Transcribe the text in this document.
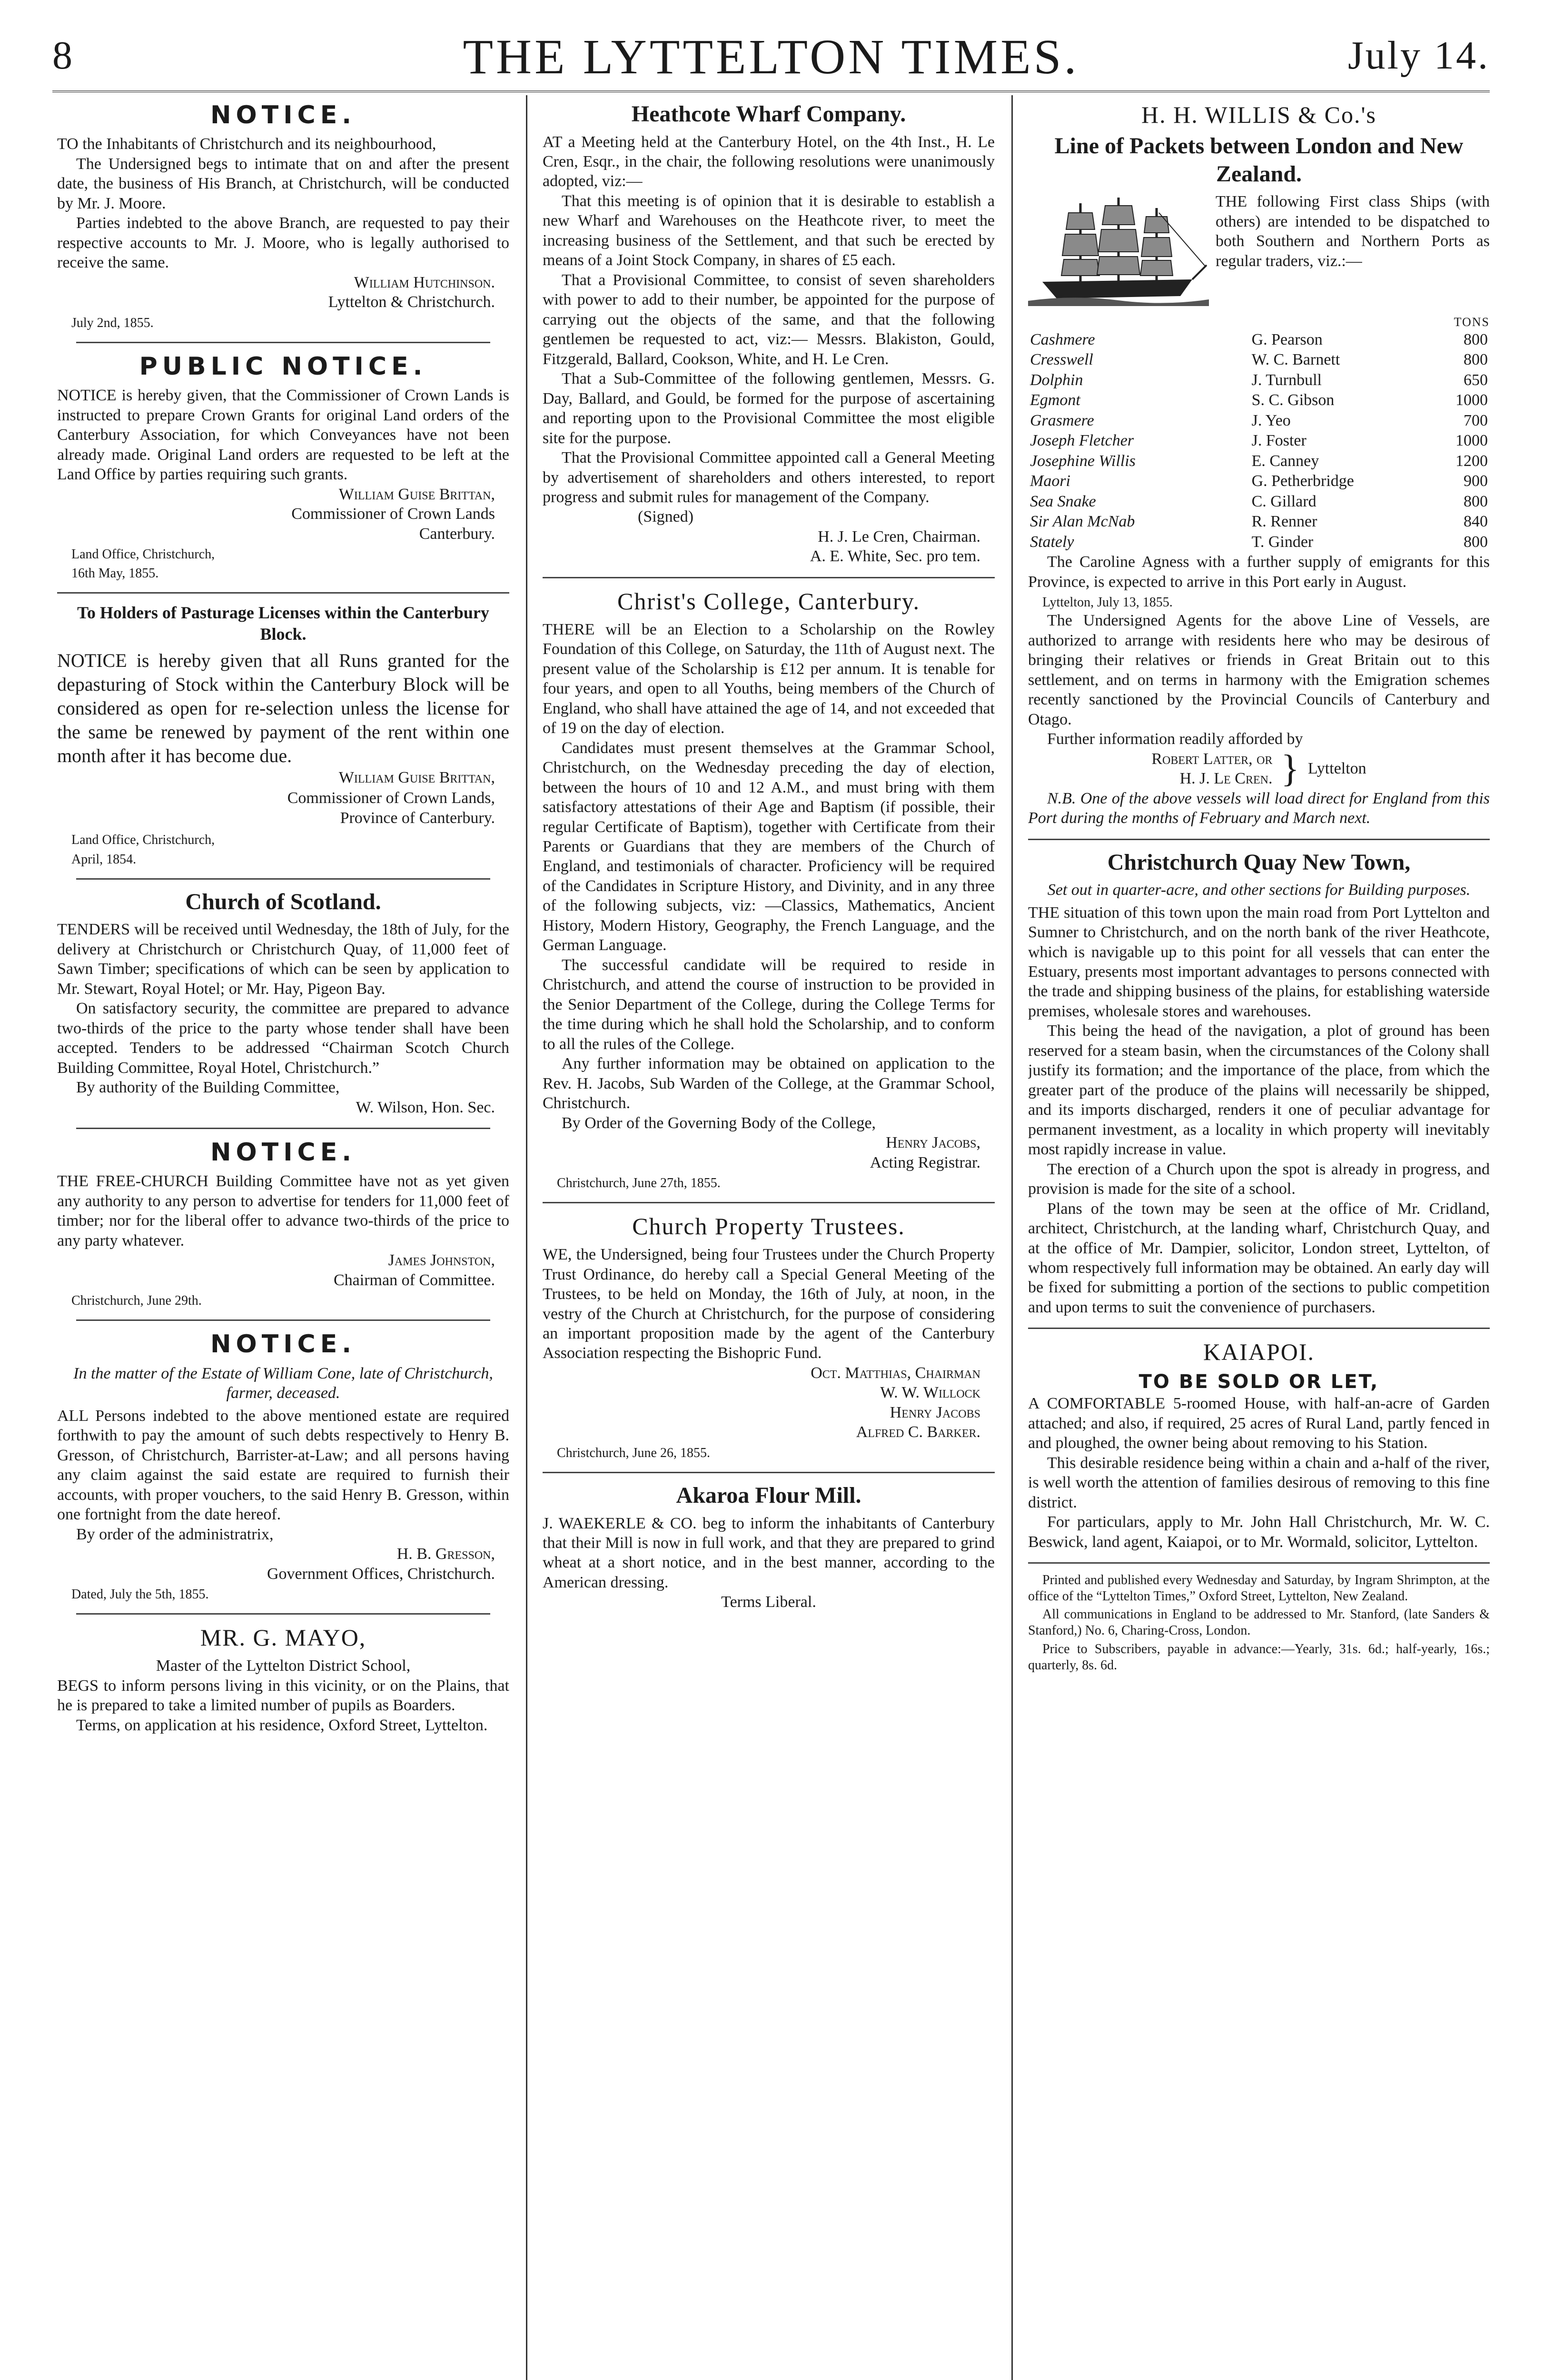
8	THE LYTTELTON TIMES.	July 14.
NOTICE.

TO the Inhabitants of Christchurch and its neighbourhood,

The Undersigned begs to intimate that on and after the present date, the business of His Branch, at Christchurch, will be conducted by Mr. J. Moore.

Parties indebted to the above Branch, are requested to pay their respective accounts to Mr. J. Moore, who is legally authorised to receive the same.

William Hutchinson.
Lyttelton & Christchurch.
July 2nd, 1855.
PUBLIC NOTICE.

NOTICE is hereby given, that the Commissioner of Crown Lands is instructed to prepare Crown Grants for original Land orders of the Canterbury Association, for which Conveyances have not been already made. Original Land orders are requested to be left at the Land Office by parties requiring such grants.

William Guise Brittan,
Commissioner of Crown Lands
Canterbury.
Land Office, Christchurch,
16th May, 1855.
To Holders of Pasturage Licenses within the Canterbury Block.

NOTICE is hereby given that all Runs granted for the depasturing of Stock within the Canterbury Block will be considered as open for re-selection unless the license for the same be renewed by payment of the rent within one month after it has become due.

William Guise Brittan,
Commissioner of Crown Lands,
Province of Canterbury.
Land Office, Christchurch,
April, 1854.
Church of Scotland.

TENDERS will be received until Wednesday, the 18th of July, for the delivery at Christchurch or Christchurch Quay, of 11,000 feet of Sawn Timber; specifications of which can be seen by application to Mr. Stewart, Royal Hotel; or Mr. Hay, Pigeon Bay.

On satisfactory security, the committee are prepared to advance two-thirds of the price to the party whose tender shall have been accepted. Tenders to be addressed “Chairman Scotch Church Building Committee, Royal Hotel, Christchurch.”

By authority of the Building Committee,

W. Wilson, Hon. Sec.
NOTICE.

THE FREE-CHURCH Building Committee have not as yet given any authority to any person to advertise for tenders for 11,000 feet of timber; nor for the liberal offer to advance two-thirds of the price to any party whatever.

James Johnston,
Chairman of Committee.
Christchurch, June 29th.
NOTICE.
In the matter of the Estate of William Cone, late of Christchurch, farmer, deceased.

ALL Persons indebted to the above mentioned estate are required forthwith to pay the amount of such debts respectively to Henry B. Gresson, of Christchurch, Barrister-at-Law; and all persons having any claim against the said estate are required to furnish their accounts, with proper vouchers, to the said Henry B. Gresson, within one fortnight from the date hereof.

By order of the administratrix,

H. B. Gresson,
Government Offices, Christchurch.
Dated, July the 5th, 1855.
MR. G. MAYO,
Master of the Lyttelton District School,

BEGS to inform persons living in this vicinity, or on the Plains, that he is prepared to take a limited number of pupils as Boarders.

Terms, on application at his residence, Oxford Street, Lyttelton.

Heathcote Wharf Company.

AT a Meeting held at the Canterbury Hotel, on the 4th Inst., H. Le Cren, Esqr., in the chair, the following resolutions were unanimously adopted, viz:—

That this meeting is of opinion that it is desirable to establish a new Wharf and Warehouses on the Heathcote river, to meet the increasing business of the Settlement, and that such be erected by means of a Joint Stock Company, in shares of £5 each.

That a Provisional Committee, to consist of seven shareholders with power to add to their number, be appointed for the purpose of carrying out the objects of the same, and that the following gentlemen be requested to act, viz:— Messrs. Blakiston, Gould, Fitzgerald, Ballard, Cookson, White, and H. Le Cren.

That a Sub-Committee of the following gentlemen, Messrs. G. Day, Ballard, and Gould, be formed for the purpose of ascertaining and reporting upon to the Provisional Committee the most eligible site for the purpose.

That the Provisional Committee appointed call a General Meeting by advertisement of shareholders and others interested, to report progress and submit rules for management of the Company.

(Signed)
H. J. Le Cren, Chairman.
A. E. White, Sec. pro tem.
Christ's College, Canterbury.

THERE will be an Election to a Scholarship on the Rowley Foundation of this College, on Saturday, the 11th of August next. The present value of the Scholarship is £12 per annum. It is tenable for four years, and open to all Youths, being members of the Church of England, who shall have attained the age of 14, and not exceeded that of 19 on the day of election.

Candidates must present themselves at the Grammar School, Christchurch, on the Wednesday preceding the day of election, between the hours of 10 and 12 A.M., and must bring with them satisfactory attestations of their Age and Baptism (if possible, their regular Certificate of Baptism), together with Certificate from their Parents or Guardians that they are members of the Church of England, and testimonials of character. Proficiency will be required of the Candidates in Scripture History, and Divinity, and in any three of the following subjects, viz: —Classics, Mathematics, Ancient History, Modern History, Geography, the French Language, and the German Language.

The successful candidate will be required to reside in Christchurch, and attend the course of instruction to be provided in the Senior Department of the College, during the College Terms for the time during which he shall hold the Scholarship, and to conform to all the rules of the College.

Any further information may be obtained on application to the Rev. H. Jacobs, Sub Warden of the College, at the Grammar School, Christchurch.

By Order of the Governing Body of the College,

Henry Jacobs,
Acting Registrar.
Christchurch, June 27th, 1855.
Church Property Trustees.

WE, the Undersigned, being four Trustees under the Church Property Trust Ordinance, do hereby call a Special General Meeting of the Trustees, to be held on Monday, the 16th of July, at noon, in the vestry of the Church at Christchurch, for the purpose of considering an important proposition made by the agent of the Canterbury Association respecting the Bishopric Fund.

Oct. Matthias, Chairman
W. W. Willock
Henry Jacobs
Alfred C. Barker.
Christchurch, June 26, 1855.
Akaroa Flour Mill.

J. WAEKERLE & CO. beg to inform the inhabitants of Canterbury that their Mill is now in full work, and that they are prepared to grind wheat at a short notice, and in the best manner, according to the American dressing.

Terms Liberal.
H. H. WILLIS & Co.'s
Line of Packets between London and New Zealand.

THE following First class Ships (with others) are intended to be dispatched to both Southern and Northern Ports as regular traders, viz.:—

TONS
Cashmere	G. Pearson	800
Cresswell	W. C. Barnett	800
Dolphin	J. Turnbull	650
Egmont	S. C. Gibson	1000
Grasmere	J. Yeo	700
Joseph Fletcher	J. Foster	1000
Josephine Willis	E. Canney	1200
Maori	G. Petherbridge	900
Sea Snake	C. Gillard	800
Sir Alan McNab	R. Renner	840
Stately	T. Ginder	800

The Caroline Agness with a further supply of emigrants for this Province, is expected to arrive in this Port early in August.

Lyttelton, July 13, 1855.

The Undersigned Agents for the above Line of Vessels, are authorized to arrange with residents here who may be desirous of bringing their relatives or friends in Great Britain out to this settlement, and on terms in harmony with the Emigration schemes recently sanctioned by the Provincial Councils of Canterbury and Otago.

Further information readily afforded by

Robert Latter, or
H. J. Le Cren. } Lyttelton

N.B. One of the above vessels will load direct for England from this Port during the months of February and March next.

Christchurch Quay New Town,
Set out in quarter-acre, and other sections for Building purposes.

THE situation of this town upon the main road from Port Lyttelton and Sumner to Christchurch, and on the north bank of the river Heathcote, which is navigable up to this point for all vessels that can enter the Estuary, presents most important advantages to persons connected with the trade and shipping business of the plains, for establishing waterside premises, wholesale stores and warehouses.

This being the head of the navigation, a plot of ground has been reserved for a steam basin, when the circumstances of the Colony shall justify its formation; and the importance of the place, from which the greater part of the produce of the plains will necessarily be shipped, and its imports discharged, renders it one of peculiar advantage for permanent investment, as a locality in which property will inevitably most rapidly increase in value.

The erection of a Church upon the spot is already in progress, and provision is made for the site of a school.

Plans of the town may be seen at the office of Mr. Cridland, architect, Christchurch, at the landing wharf, Christchurch Quay, and at the office of Mr. Dampier, solicitor, London street, Lyttelton, of whom respectively full information may be obtained. An early day will be fixed for submitting a portion of the sections to public competition and upon terms to suit the convenience of purchasers.

KAIAPOI.
TO BE SOLD OR LET,

A COMFORTABLE 5-roomed House, with half-an-acre of Garden attached; and also, if required, 25 acres of Rural Land, partly fenced in and ploughed, the owner being about removing to his Station.

This desirable residence being within a chain and a-half of the river, is well worth the attention of families desirous of removing to this fine district.

For particulars, apply to Mr. John Hall Christchurch, Mr. W. C. Beswick, land agent, Kaiapoi, or to Mr. Wormald, solicitor, Lyttelton.

Printed and published every Wednesday and Saturday, by Ingram Shrimpton, at the office of the “Lyttelton Times,” Oxford Street, Lyttelton, New Zealand.

All communications in England to be addressed to Mr. Stanford, (late Sanders & Stanford,) No. 6, Charing-Cross, London.

Price to Subscribers, payable in advance:—Yearly, 31s. 6d.; half-yearly, 16s.; quarterly, 8s. 6d.
